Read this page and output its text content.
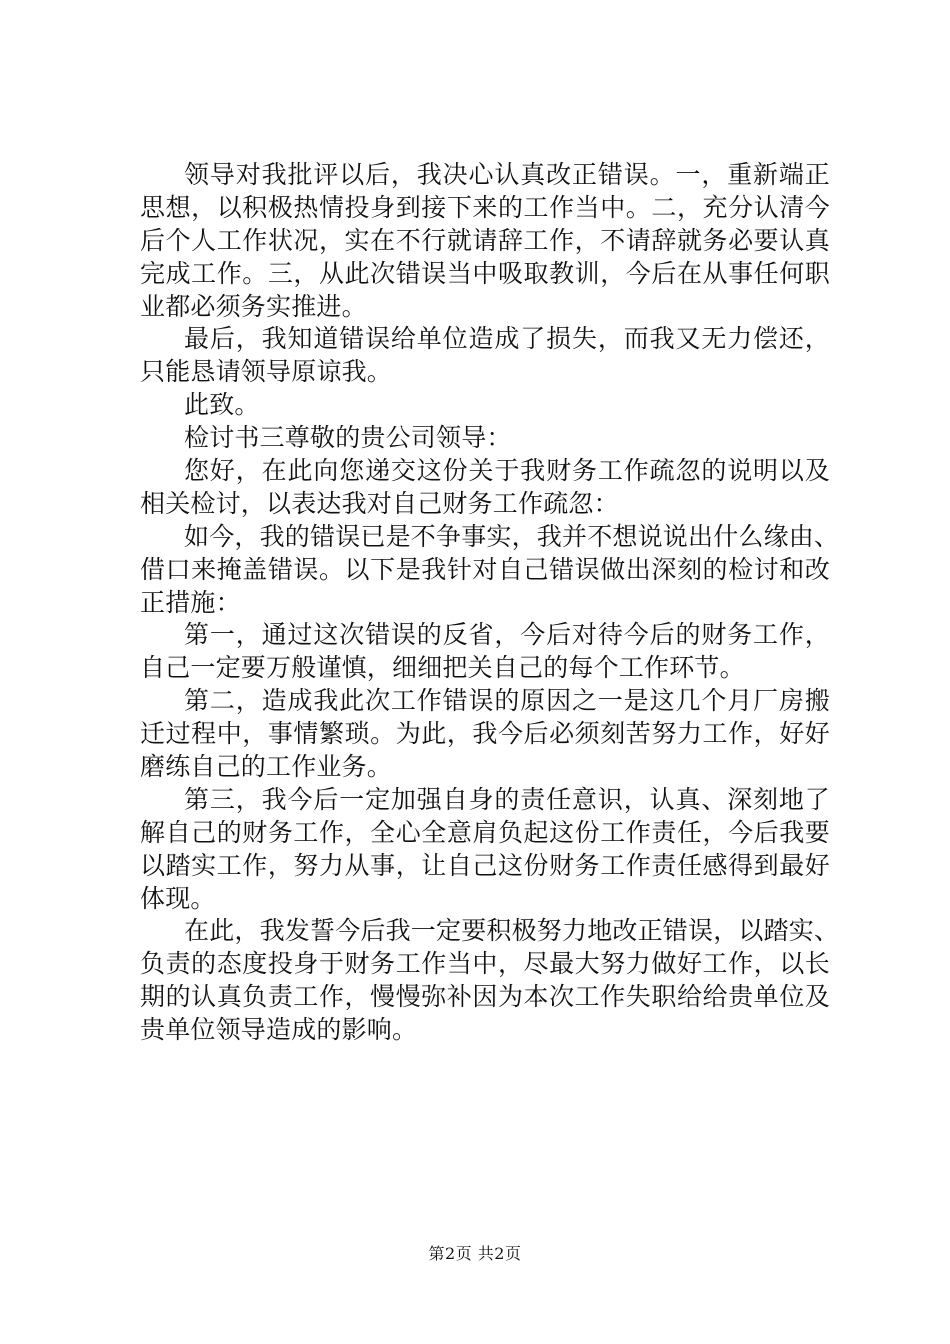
领导对我批评以后，我决心认真改正错误。一，重新端正
思想，以积极热情投身到接下来的工作当中。二，充分认清今
后个人工作状况，实在不行就请辞工作，不请辞就务必要认真
完成工作。三，从此次错误当中吸取教训，今后在从事任何职
业都必须务实推进。
最后，我知道错误给单位造成了损失，而我又无力偿还，
只能恳请领导原谅我。
此致。
检讨书三尊敬的贵公司领导：
您好，在此向您递交这份关于我财务工作疏忽的说明以及
相关检讨，以表达我对自己财务工作疏忽：
如今，我的错误已是不争事实，我并不想说说出什么缘由、
借口来掩盖错误。以下是我针对自己错误做出深刻的检讨和改
正措施：
第一，通过这次错误的反省，今后对待今后的财务工作，
自己一定要万般谨慎，细细把关自己的每个工作环节。
第二，造成我此次工作错误的原因之一是这几个月厂房搬
迁过程中，事情繁琐。为此，我今后必须刻苦努力工作，好好
磨练自己的工作业务。
第三，我今后一定加强自身的责任意识，认真、深刻地了
解自己的财务工作，全心全意肩负起这份工作责任，今后我要
以踏实工作，努力从事，让自己这份财务工作责任感得到最好
体现。
在此，我发誓今后我一定要积极努力地改正错误，以踏实、
负责的态度投身于财务工作当中，尽最大努力做好工作，以长
期的认真负责工作，慢慢弥补因为本次工作失职给给贵单位及
贵单位领导造成的影响。
第2页 共2页
